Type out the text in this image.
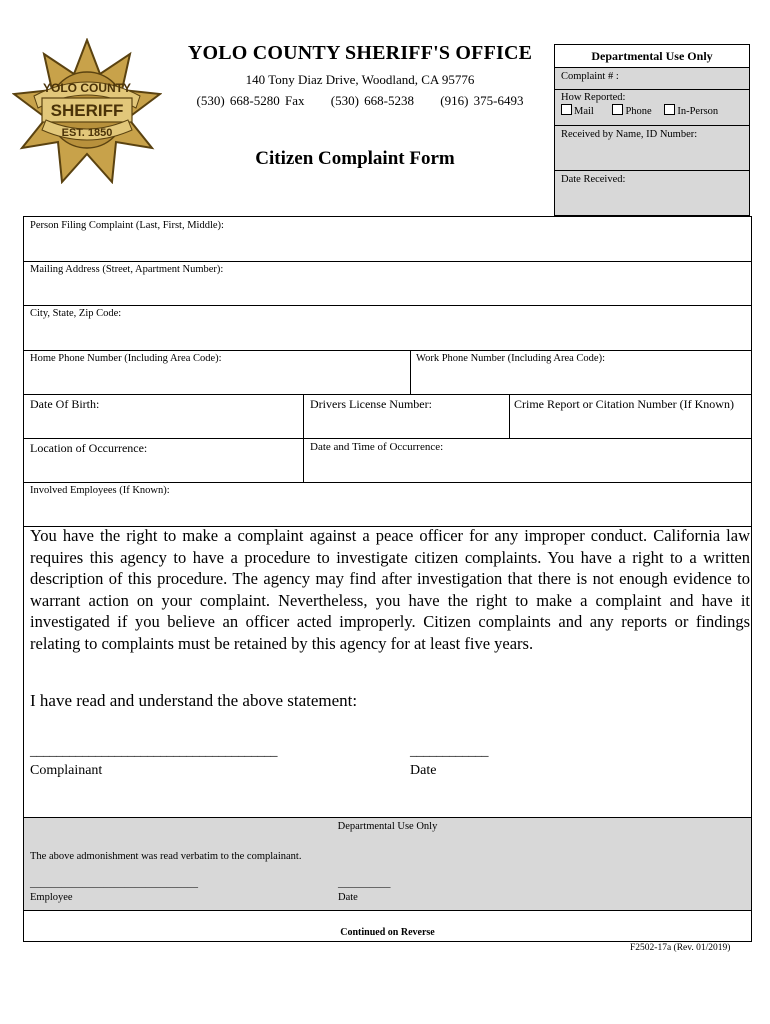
YOLO COUNTY
SHERIFF
EST. 1850
YOLO COUNTY SHERIFF'S OFFICE
140 Tony Diaz Drive, Woodland, CA 95776
(530) 668-5280 Fax     (530) 668-5238     (916) 375-6493
Citizen Complaint Form
Departmental Use Only
Complaint # :
How Reported:
Mail	Phone In-Person
Received by Name, ID Number:
Date Received:
Person Filing Complaint (Last, First, Middle):
Mailing Address (Street, Apartment Number):
City, State, Zip Code:
Home Phone Number (Including Area Code):	Work Phone Number (Including Area Code):
Date Of Birth:	Drivers License Number:	Crime Report or Citation Number (If Known)
Location of Occurrence:	Date and Time of Occurrence:
Involved Employees (If Known):
You have the right to make a complaint against a peace officer for any improper conduct. California law requires this agency to have a procedure to investigate citizen complaints. You have a right to a written description of this procedure. The agency may find after investigation that there is not enough evidence to warrant action on your complaint. Nevertheless, you have the right to make a complaint and have it investigated if you believe an officer acted improperly. Citizen complaints and any reports or findings relating to complaints must be retained by this agency for at least five years.
I have read and understand the above statement:
______________________________________	____________
Complainant	Date
Departmental Use Only
The above admonishment was read verbatim to the complainant.
________________________________	__________
Employee	Date
Continued on Reverse
F2502-17a (Rev. 01/2019)
